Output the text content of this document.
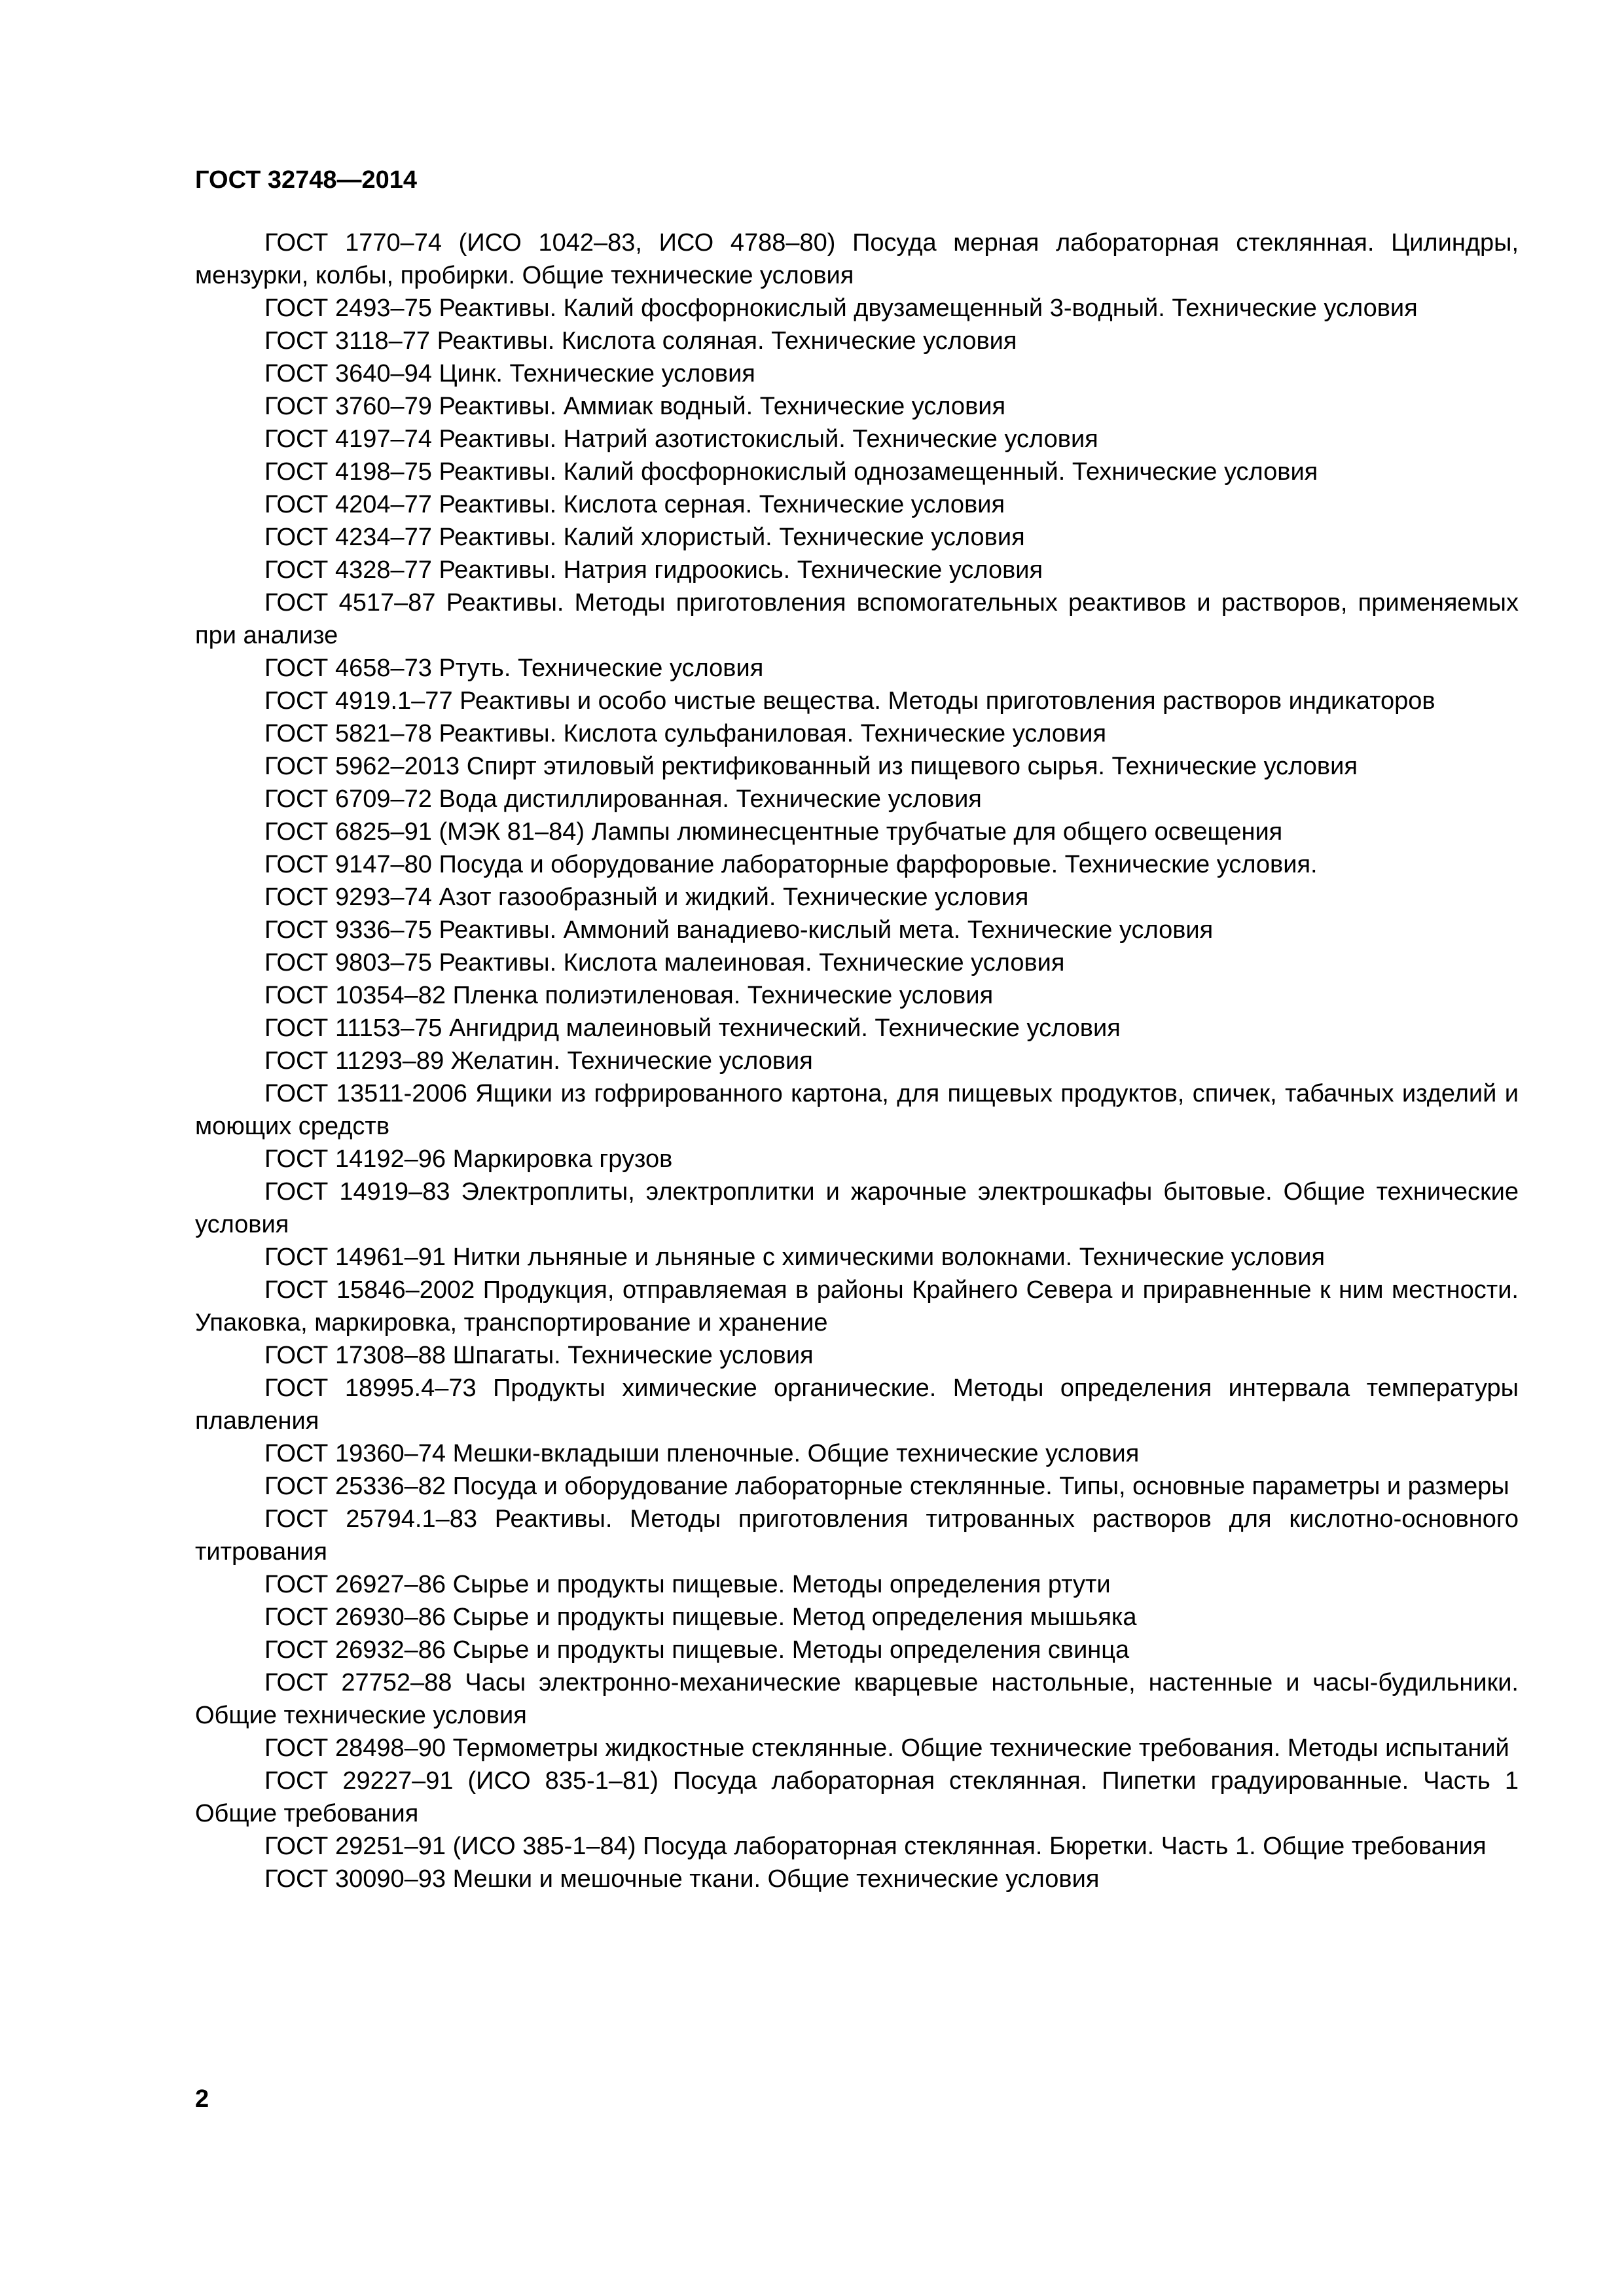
ГОСТ 32748—2014
ГОСТ 1770–74 (ИСО 1042–83, ИСО 4788–80) Посуда мерная лабораторная стеклянная. Цилиндры, мензурки, колбы, пробирки. Общие технические условия
ГОСТ 2493–75 Реактивы. Калий фосфорнокислый двузамещенный 3-водный. Технические условия
ГОСТ 3118–77 Реактивы. Кислота соляная. Технические условия
ГОСТ 3640–94 Цинк. Технические условия
ГОСТ 3760–79 Реактивы. Аммиак водный. Технические условия
ГОСТ 4197–74 Реактивы. Натрий азотистокислый. Технические условия
ГОСТ 4198–75 Реактивы. Калий фосфорнокислый однозамещенный. Технические условия
ГОСТ 4204–77 Реактивы. Кислота серная. Технические условия
ГОСТ 4234–77 Реактивы. Калий хлористый. Технические условия
ГОСТ 4328–77 Реактивы. Натрия гидроокись. Технические условия
ГОСТ 4517–87 Реактивы. Методы приготовления вспомогательных реактивов и растворов, применяемых при анализе
ГОСТ 4658–73 Ртуть. Технические условия
ГОСТ 4919.1–77 Реактивы и особо чистые вещества. Методы приготовления растворов индикаторов
ГОСТ 5821–78 Реактивы. Кислота сульфаниловая. Технические условия
ГОСТ 5962–2013 Спирт этиловый ректификованный из пищевого сырья. Технические условия
ГОСТ 6709–72 Вода дистиллированная. Технические условия
ГОСТ 6825–91 (МЭК 81–84) Лампы люминесцентные трубчатые для общего освещения
ГОСТ 9147–80 Посуда и оборудование лабораторные фарфоровые. Технические условия.
ГОСТ 9293–74 Азот газообразный и жидкий. Технические условия
ГОСТ 9336–75 Реактивы. Аммоний ванадиево-кислый мета. Технические условия
ГОСТ 9803–75 Реактивы. Кислота малеиновая. Технические условия
ГОСТ 10354–82 Пленка полиэтиленовая. Технические условия
ГОСТ 11153–75 Ангидрид малеиновый технический. Технические условия
ГОСТ 11293–89 Желатин. Технические условия
ГОСТ 13511-2006 Ящики из гофрированного картона, для пищевых продуктов, спичек, табачных изделий и моющих средств
ГОСТ 14192–96 Маркировка грузов
ГОСТ 14919–83 Электроплиты, электроплитки и жарочные электрошкафы бытовые. Общие технические условия
ГОСТ 14961–91 Нитки льняные и льняные с химическими волокнами. Технические условия
ГОСТ 15846–2002 Продукция, отправляемая в районы Крайнего Севера и приравненные к ним местности. Упаковка, маркировка, транспортирование и хранение
ГОСТ 17308–88 Шпагаты. Технические условия
ГОСТ 18995.4–73 Продукты химические органические. Методы определения интервала температуры плавления
ГОСТ 19360–74 Мешки-вкладыши пленочные. Общие технические условия
ГОСТ 25336–82 Посуда и оборудование лабораторные стеклянные. Типы, основные параметры и размеры
ГОСТ 25794.1–83 Реактивы. Методы приготовления титрованных растворов для кислотно-основного титрования
ГОСТ 26927–86 Сырье и продукты пищевые. Методы определения ртути
ГОСТ 26930–86 Сырье и продукты пищевые. Метод определения мышьяка
ГОСТ 26932–86 Сырье и продукты пищевые. Методы определения свинца
ГОСТ 27752–88 Часы электронно-механические кварцевые настольные, настенные и часы-будильники. Общие технические условия
ГОСТ 28498–90 Термометры жидкостные стеклянные. Общие технические требования. Методы испытаний
ГОСТ 29227–91 (ИСО 835-1–81) Посуда лабораторная стеклянная. Пипетки градуированные. Часть 1 Общие требования
ГОСТ 29251–91 (ИСО 385-1–84) Посуда лабораторная стеклянная. Бюретки. Часть 1. Общие требования
ГОСТ 30090–93 Мешки и мешочные ткани. Общие технические условия
2
